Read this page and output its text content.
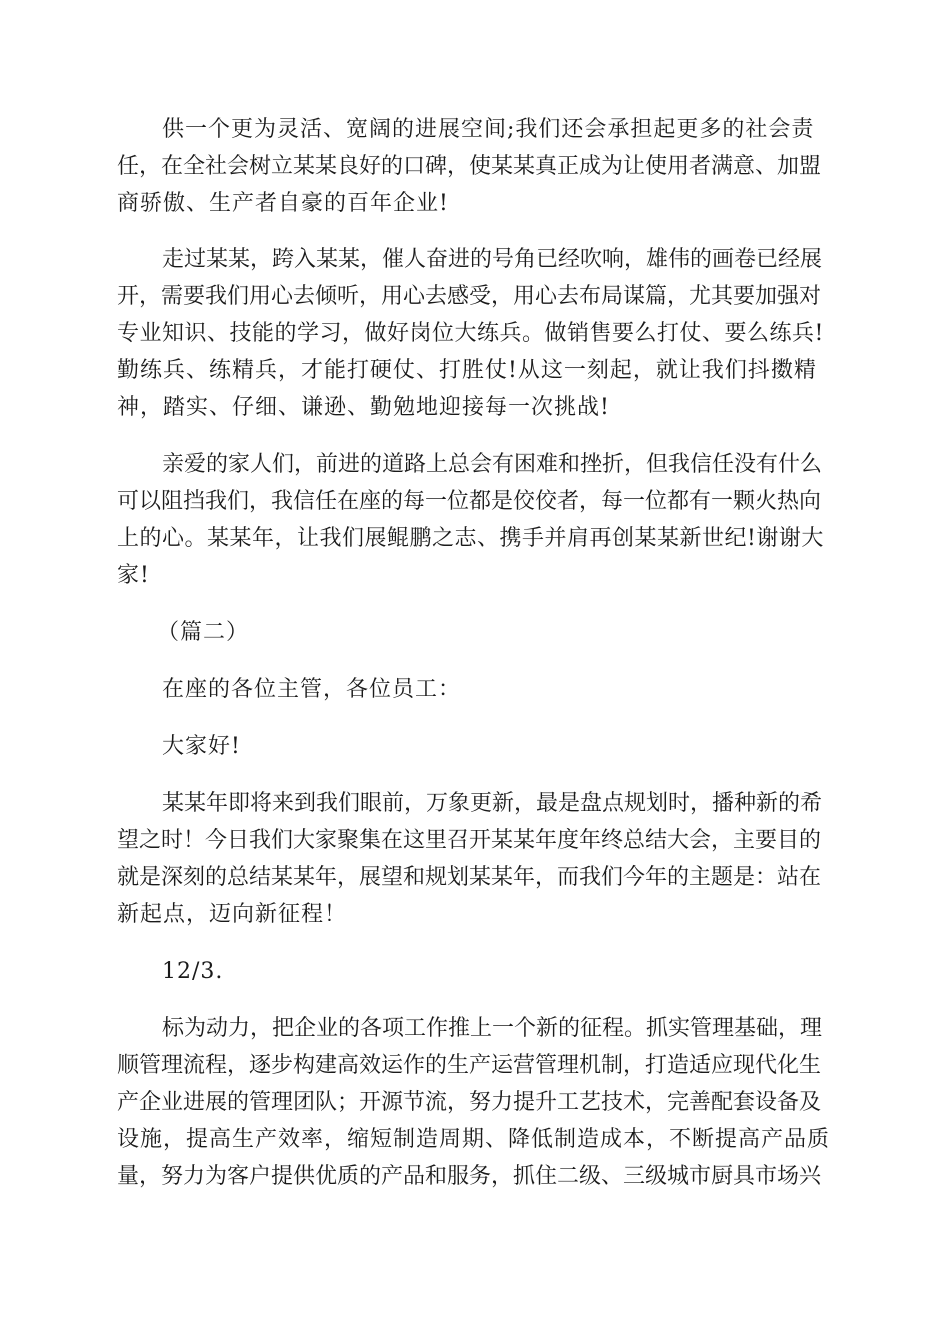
供一个更为灵活、宽阔的进展空间;我们还会承担起更多的社会责
任，在全社会树立某某良好的口碑，使某某真正成为让使用者满意、加盟
商骄傲、生产者自豪的百年企业!
走过某某，跨入某某，催人奋进的号角已经吹响，雄伟的画卷已经展
开，需要我们用心去倾听，用心去感受，用心去布局谋篇，尤其要加强对
专业知识、技能的学习，做好岗位大练兵。做销售要么打仗、要么练兵!
勤练兵、练精兵，才能打硬仗、打胜仗!从这一刻起，就让我们抖擞精
神，踏实、仔细、谦逊、勤勉地迎接每一次挑战!
亲爱的家人们，前进的道路上总会有困难和挫折，但我信任没有什么
可以阻挡我们，我信任在座的每一位都是佼佼者，每一位都有一颗火热向
上的心。某某年，让我们展鲲鹏之志、携手并肩再创某某新世纪!谢谢大
家!
（篇二）
在座的各位主管，各位员工：
大家好!
某某年即将来到我们眼前，万象更新，最是盘点规划时，播种新的希
望之时！今日我们大家聚集在这里召开某某年度年终总结大会，主要目的
就是深刻的总结某某年，展望和规划某某年，而我们今年的主题是：站在
新起点，迈向新征程！
12/3.
标为动力，把企业的各项工作推上一个新的征程。抓实管理基础，理
顺管理流程，逐步构建高效运作的生产运营管理机制，打造适应现代化生
产企业进展的管理团队；开源节流，努力提升工艺技术，完善配套设备及
设施，提高生产效率，缩短制造周期、降低制造成本，不断提高产品质
量，努力为客户提供优质的产品和服务，抓住二级、三级城市厨具市场兴
